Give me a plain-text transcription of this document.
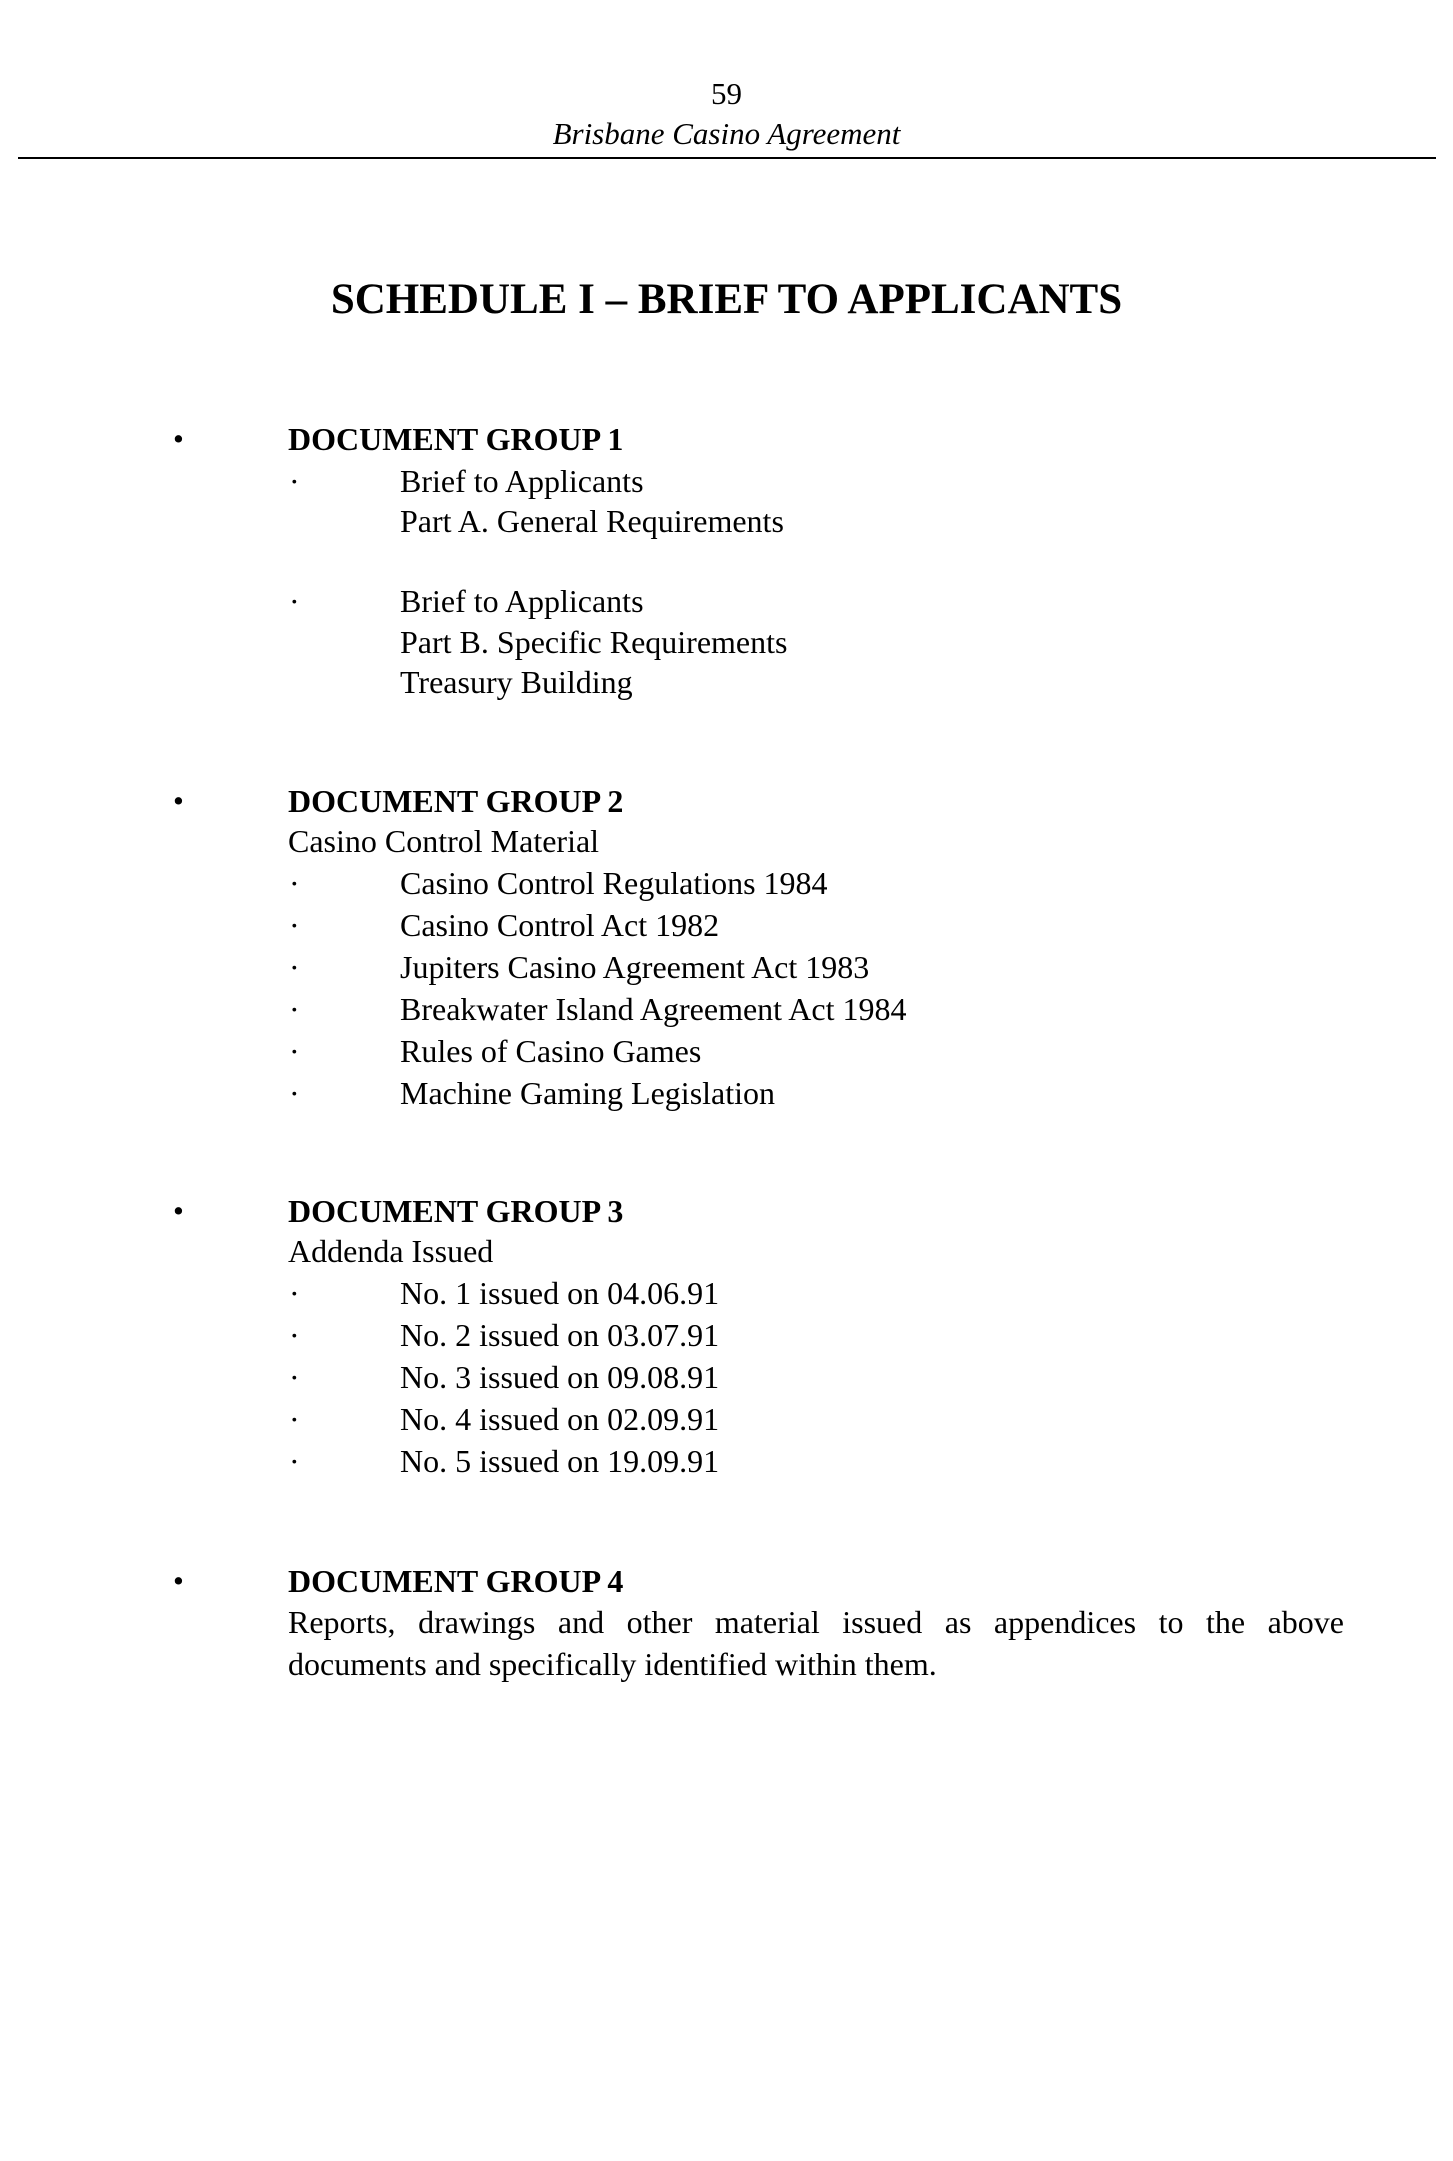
59
Brisbane Casino Agreement
SCHEDULE I – BRIEF TO APPLICANTS
•	DOCUMENT GROUP 1
·	Brief to Applicants
Part A. General Requirements
·	Brief to Applicants
Part B. Specific Requirements
Treasury Building
•	DOCUMENT GROUP 2
Casino Control Material
·	Casino Control Regulations 1984
·	Casino Control Act 1982
·	Jupiters Casino Agreement Act 1983
·	Breakwater Island Agreement Act 1984
·	Rules of Casino Games
·	Machine Gaming Legislation
•	DOCUMENT GROUP 3
Addenda Issued
·	No. 1 issued on 04.06.91
·	No. 2 issued on 03.07.91
·	No. 3 issued on 09.08.91
·	No. 4 issued on 02.09.91
·	No. 5 issued on 19.09.91
•	DOCUMENT GROUP 4
Reports, drawings and other material issued as appendices to the above documents and specifically identified within them.
